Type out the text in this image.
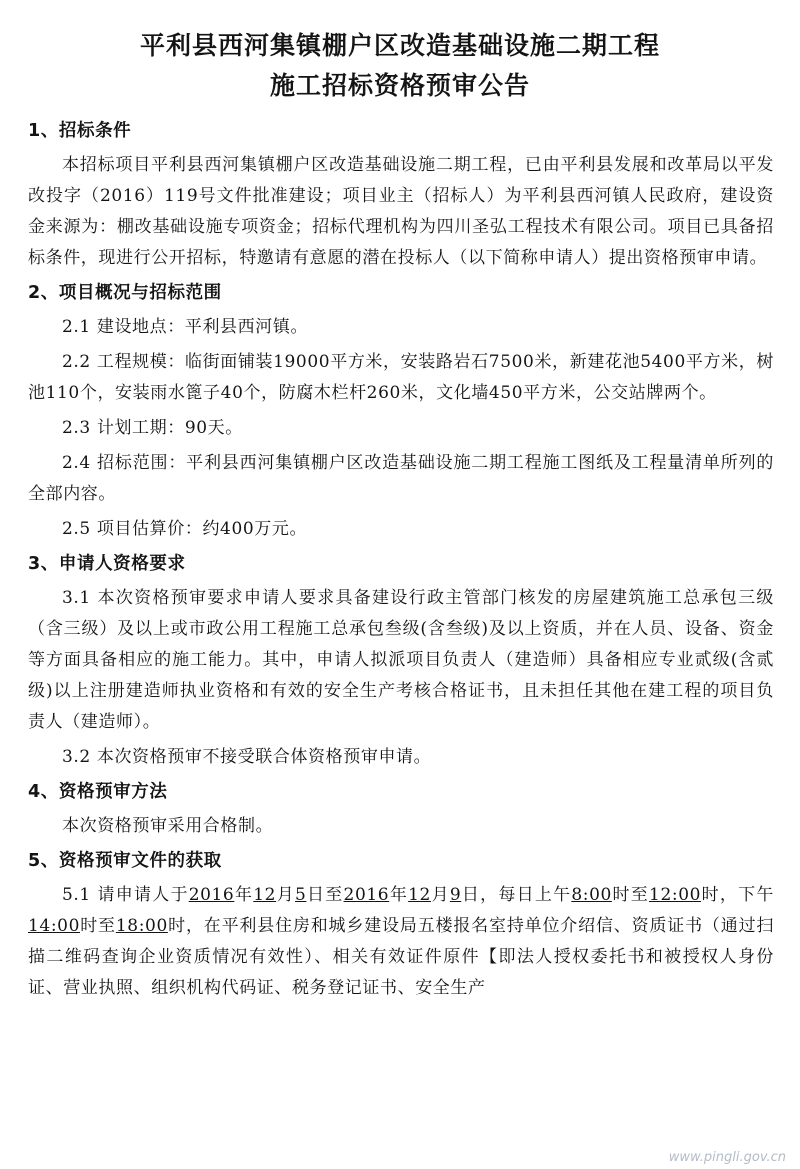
平利县西河集镇棚户区改造基础设施二期工程
施工招标资格预审公告

1、招标条件

本招标项目平利县西河集镇棚户区改造基础设施二期工程，已由平利县发展和改革局以平发改投字（2016）119号文件批准建设；项目业主（招标人）为平利县西河镇人民政府，建设资金来源为：棚改基础设施专项资金；招标代理机构为四川圣弘工程技术有限公司。项目已具备招标条件，现进行公开招标，特邀请有意愿的潜在投标人（以下简称申请人）提出资格预审申请。

2、项目概况与招标范围

2.1 建设地点：平利县西河镇。

2.2 工程规模：临街面铺装19000平方米，安装路岩石7500米，新建花池5400平方米，树池110个，安装雨水篦子40个，防腐木栏杆260米，文化墙450平方米，公交站牌两个。

2.3 计划工期：90天。

2.4 招标范围：平利县西河集镇棚户区改造基础设施二期工程施工图纸及工程量清单所列的全部内容。

2.5 项目估算价：约400万元。

3、申请人资格要求

3.1 本次资格预审要求申请人要求具备建设行政主管部门核发的房屋建筑施工总承包三级（含三级）及以上或市政公用工程施工总承包叁级(含叁级)及以上资质，并在人员、设备、资金等方面具备相应的施工能力。其中，申请人拟派项目负责人（建造师）具备相应专业贰级(含贰级)以上注册建造师执业资格和有效的安全生产考核合格证书，且未担任其他在建工程的项目负责人（建造师）。

3.2 本次资格预审不接受联合体资格预审申请。

4、资格预审方法

本次资格预审采用合格制。

5、资格预审文件的获取

5.1 请申请人于2016年12月5日至2016年12月9日，每日上午8:00时至12:00时，下午14:00时至18:00时，在平利县住房和城乡建设局五楼报名室持单位介绍信、资质证书（通过扫描二维码查询企业资质情况有效性）、相关有效证件原件【即法人授权委托书和被授权人身份证、营业执照、组织机构代码证、税务登记证书、安全生产

www.pingli.gov.cn
